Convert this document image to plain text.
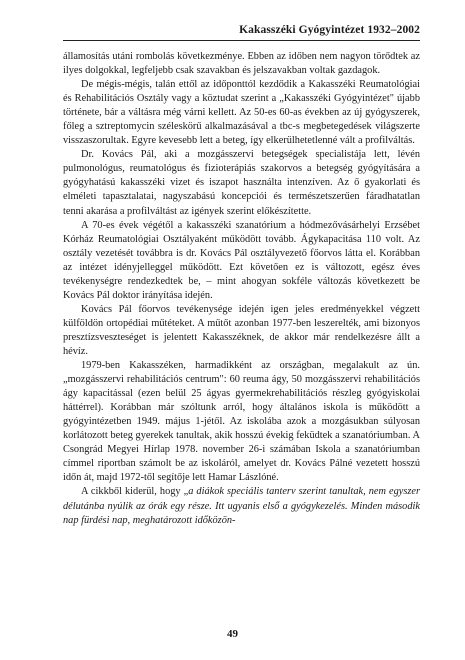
Kakasszéki Gyógyintézet 1932–2002

államosítás utáni rombolás következménye. Ebben az időben nem nagyon törődtek az ilyes dolgokkal, legfeljebb csak szavakban és jelszavakban voltak gazdagok.

De mégis-mégis, talán ettől az időponttól kezdődik a Kakasszéki Reumatológiai és Rehabilitációs Osztály vagy a köztudat szerint a „Kakasszéki Gyógyintézet" újabb története, bár a váltásra még várni kellett. Az 50-es 60-as években az új gyógyszerek, főleg a sztreptomycin széleskörű alkalmazásával a tbc-s megbetegedések világszerte visszaszorultak. Egyre kevesebb lett a beteg, így elkerülhetetlenné vált a profilváltás.

Dr. Kovács Pál, aki a mozgásszervi betegségek specialistája lett, lévén pulmonológus, reumatológus és fizioterápiás szakorvos a betegség gyógyítására a gyógyhatású kakasszéki vizet és iszapot használta intenzíven. Az ő gyakorlati és elméleti tapasztalatai, nagyszabású koncepciói és természetszerűen fáradhatatlan tenni akarása a profilváltást az igények szerint előkészítette.

A 70-es évek végétől a kakasszéki szanatórium a hódmezővásárhelyi Erzsébet Kórház Reumatológiai Osztályaként működött tovább. Ágykapacitása 110 volt. Az osztály vezetését továbbra is dr. Kovács Pál osztályvezető főorvos látta el. Korábban az intézet idényjelleggel működött. Ezt követően ez is változott, egész éves tevékenységre rendezkedtek be, – mint ahogyan sokféle változás következett be Kovács Pál doktor irányítása idején.

Kovács Pál főorvos tevékenysége idején igen jeles eredményekkel végzett külföldön ortopédiai műtéteket. A műtőt azonban 1977-ben leszerelték, ami bizonyos presztízsveszteséget is jelentett Kakasszéknek, de akkor már rendelkezésre állt a hévíz.

1979-ben Kakasszéken, harmadikként az országban, megalakult az ún. „mozgásszervi rehabilitációs centrum": 60 reuma ágy, 50 mozgásszervi rehabilitációs ágy kapacitással (ezen belül 25 ágyas gyermekrehabilitációs részleg gyógyiskolai háttérrel). Korábban már szóltunk arról, hogy általános iskola is működött a gyógyintézetben 1949. május 1-jétől. Az iskolába azok a mozgásukban súlyosan korlátozott beteg gyerekek tanultak, akik hosszú évekig feküdtek a szanatóriumban. A Csongrád Megyei Hírlap 1978. november 26-i számában Iskola a szanatóriumban címmel riportban számolt be az iskoláról, amelyet dr. Kovács Pálné vezetett hosszú időn át, majd 1972-től segítője lett Hamar Lászlóné.

A cikkből kiderül, hogy „a diákok speciális tanterv szerint tanultak, nem egyszer délutánba nyúlik az órák egy része. Itt ugyanis első a gyógykezelés. Minden második nap fürdési nap, meghatározott időközön-

49
